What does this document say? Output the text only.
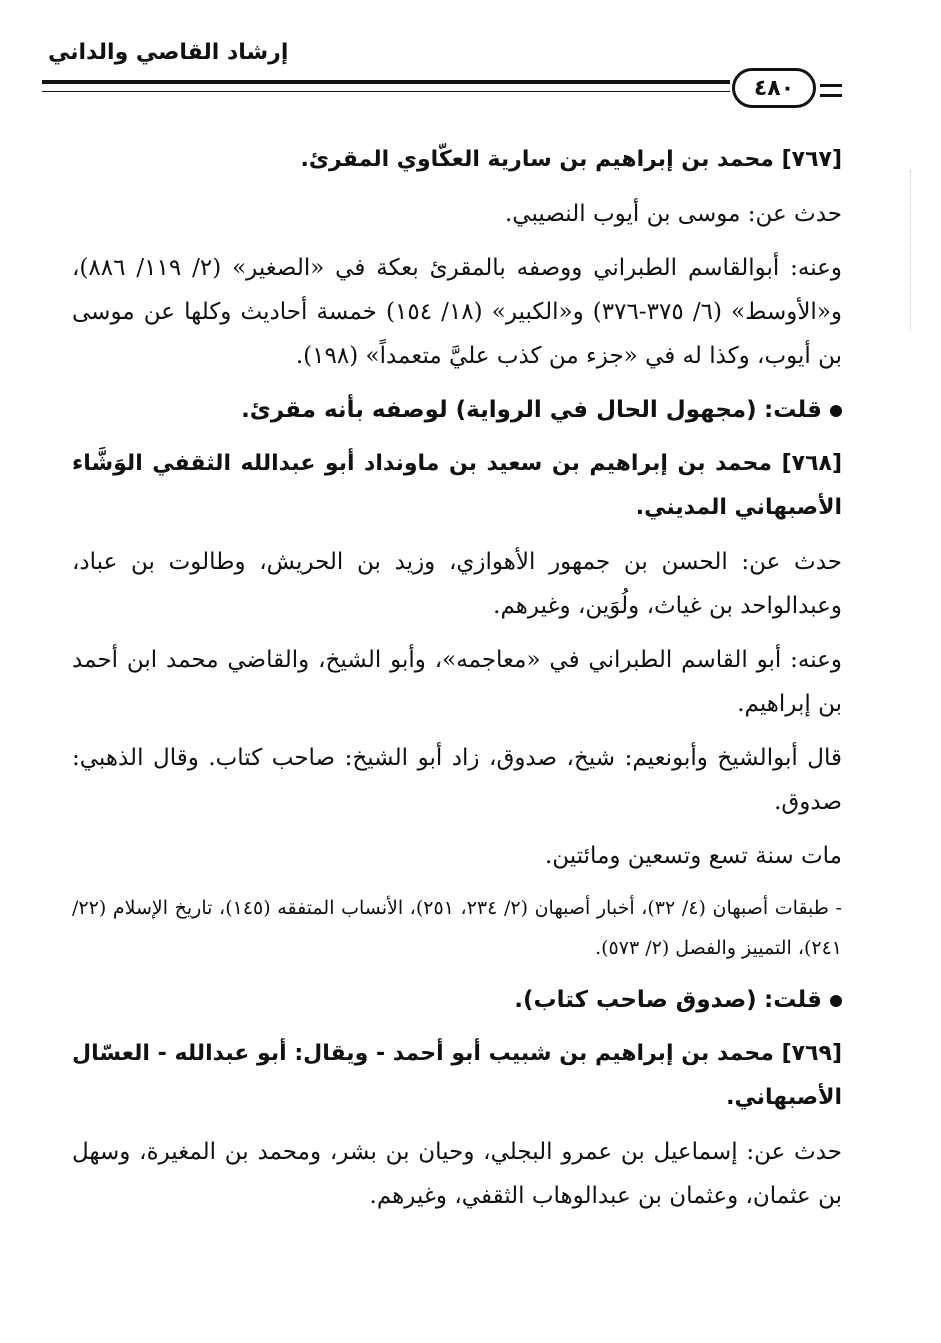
إرشاد القاصي والداني
٤٨٠

[٧٦٧] محمد بن إبراهيم بن سارية العكّاوي المقرئ.

حدث عن: موسى بن أيوب النصيبي.

وعنه: أبوالقاسم الطبراني ووصفه بالمقرئ بعكة في «الصغير» (٢/ ١١٩/ ٨٨٦)، و«الأوسط» (٦/ ٣٧٥-٣٧٦) و«الكبير» (١٨/ ١٥٤) خمسة أحاديث وكلها عن موسى بن أيوب، وكذا له في «جزء من كذب عليَّ متعمداً» (١٩٨).

قلت: (مجهول الحال في الرواية) لوصفه بأنه مقرئ.

[٧٦٨] محمد بن إبراهيم بن سعيد بن ماونداد أبو عبدالله الثقفي الوَشَّاء الأصبهاني المديني.

حدث عن: الحسن بن جمهور الأهوازي، وزيد بن الحريش، وطالوت بن عباد، وعبدالواحد بن غياث، ولُوَين، وغيرهم.

وعنه: أبو القاسم الطبراني في «معاجمه»، وأبو الشيخ، والقاضي محمد ابن أحمد بن إبراهيم.

قال أبوالشيخ وأبونعيم: شيخ، صدوق، زاد أبو الشيخ: صاحب كتاب. وقال الذهبي: صدوق.

مات سنة تسع وتسعين ومائتين.

- طبقات أصبهان (٤/ ٣٢)، أخبار أصبهان (٢/ ٢٣٤، ٢٥١)، الأنساب المتفقه (١٤٥)، تاريخ الإسلام (٢٢/ ٢٤١)، التمييز والفصل (٢/ ٥٧٣).

قلت: (صدوق صاحب كتاب).

[٧٦٩] محمد بن إبراهيم بن شبيب أبو أحمد - ويقال: أبو عبدالله - العسّال الأصبهاني.

حدث عن: إسماعيل بن عمرو البجلي، وحيان بن بشر، ومحمد بن المغيرة، وسهل بن عثمان، وعثمان بن عبدالوهاب الثقفي، وغيرهم.
